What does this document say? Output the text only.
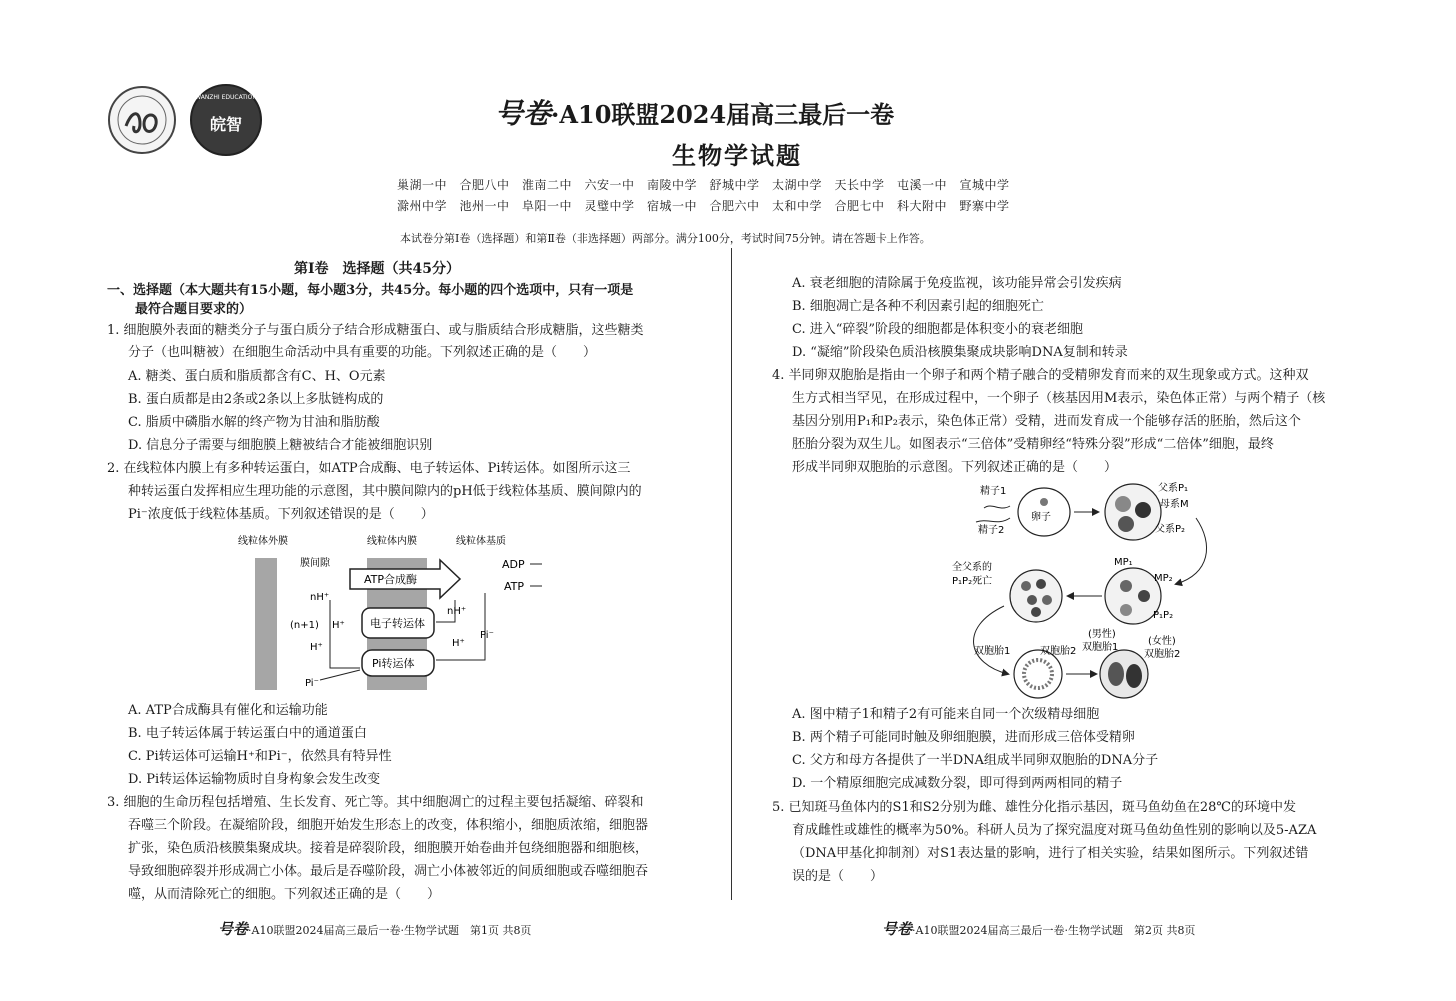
WANZHI EDUCATION
皖智	号卷·A10联盟2024届高三最后一卷
生物学试题
巢湖一中　合肥八中　淮南二中　六安一中　南陵中学　舒城中学　太湖中学　天长中学　屯溪一中　宣城中学
滁州中学　池州一中　阜阳一中　灵璧中学　宿城一中　合肥六中　太和中学　合肥七中　科大附中　野寨中学
本试卷分第Ⅰ卷（选择题）和第Ⅱ卷（非选择题）两部分。满分100分，考试时间75分钟。请在答题卡上作答。
第Ⅰ卷　选择题（共45分）
一、选择题（本大题共有15小题，每小题3分，共45分。每小题的四个选项中，只有一项是
最符合题目要求的）
1. 细胞膜外表面的糖类分子与蛋白质分子结合形成糖蛋白、或与脂质结合形成糖脂，这些糖类
分子（也叫糖被）在细胞生命活动中具有重要的功能。下列叙述正确的是（　　）
A. 糖类、蛋白质和脂质都含有C、H、O元素
B. 蛋白质都是由2条或2条以上多肽链构成的
C. 脂质中磷脂水解的终产物为甘油和脂肪酸
D. 信息分子需要与细胞膜上糖被结合才能被细胞识别
2. 在线粒体内膜上有多种转运蛋白，如ATP合成酶、电子转运体、Pi转运体。如图所示这三
种转运蛋白发挥相应生理功能的示意图，其中膜间隙内的pH低于线粒体基质、膜间隙内的
Pi⁻浓度低于线粒体基质。下列叙述错误的是（　　）
线粒体外膜	线粒体内膜	线粒体基质
膜间隙
ATP合成酶
ADP
ATP
电子转运体
Pi转运体
nH⁺
(n+1) H⁺
H⁺
nH⁺
H⁺
Pi⁻
Pi⁻
A. ATP合成酶具有催化和运输功能
B. 电子转运体属于转运蛋白中的通道蛋白
C. Pi转运体可运输H⁺和Pi⁻，依然具有特异性
D. Pi转运体运输物质时自身构象会发生改变
3. 细胞的生命历程包括增殖、生长发育、死亡等。其中细胞凋亡的过程主要包括凝缩、碎裂和
吞噬三个阶段。在凝缩阶段，细胞开始发生形态上的改变，体积缩小，细胞质浓缩，细胞器
扩张，染色质沿核膜集聚成块。接着是碎裂阶段，细胞膜开始卷曲并包绕细胞器和细胞核，
导致细胞碎裂并形成凋亡小体。最后是吞噬阶段，凋亡小体被邻近的间质细胞或吞噬细胞吞
噬，从而清除死亡的细胞。下列叙述正确的是（　　）
A. 衰老细胞的清除属于免疫监视，该功能异常会引发疾病
B. 细胞凋亡是各种不利因素引起的细胞死亡
C. 进入“碎裂”阶段的细胞都是体积变小的衰老细胞
D. “凝缩”阶段染色质沿核膜集聚成块影响DNA复制和转录
4. 半同卵双胞胎是指由一个卵子和两个精子融合的受精卵发育而来的双生现象或方式。这种双
生方式相当罕见，在形成过程中，一个卵子（核基因用M表示，染色体正常）与两个精子（核
基因分别用P₁和P₂表示，染色体正常）受精，进而发育成一个能够存活的胚胎，然后这个
胚胎分裂为双生儿。如图表示“三倍体”受精卵经“特殊分裂”形成“二倍体”细胞，最终
形成半同卵双胞胎的示意图。下列叙述正确的是（　　）
精子1
精子2
卵子
父系P₁
母系M
父系P₂
MP₁
MP₂
P₁P₂
全父系的
P₁P₂死亡
双胞胎1	双胞胎2
(男性)
双胞胎1
(女性)
双胞胎2
A. 图中精子1和精子2有可能来自同一个次级精母细胞
B. 两个精子可能同时触及卵细胞膜，进而形成三倍体受精卵
C. 父方和母方各提供了一半DNA组成半同卵双胞胎的DNA分子
D. 一个精原细胞完成减数分裂，即可得到两两相同的精子
5. 已知斑马鱼体内的S1和S2分别为雌、雄性分化指示基因，斑马鱼幼鱼在28℃的环境中发
育成雌性或雄性的概率为50%。科研人员为了探究温度对斑马鱼幼鱼性别的影响以及5-AZA
（DNA甲基化抑制剂）对S1表达量的影响，进行了相关实验，结果如图所示。下列叙述错
误的是（　　）
号卷·A10联盟2024届高三最后一卷·生物学试题　第1页 共8页	号卷·A10联盟2024届高三最后一卷·生物学试题　第2页 共8页
